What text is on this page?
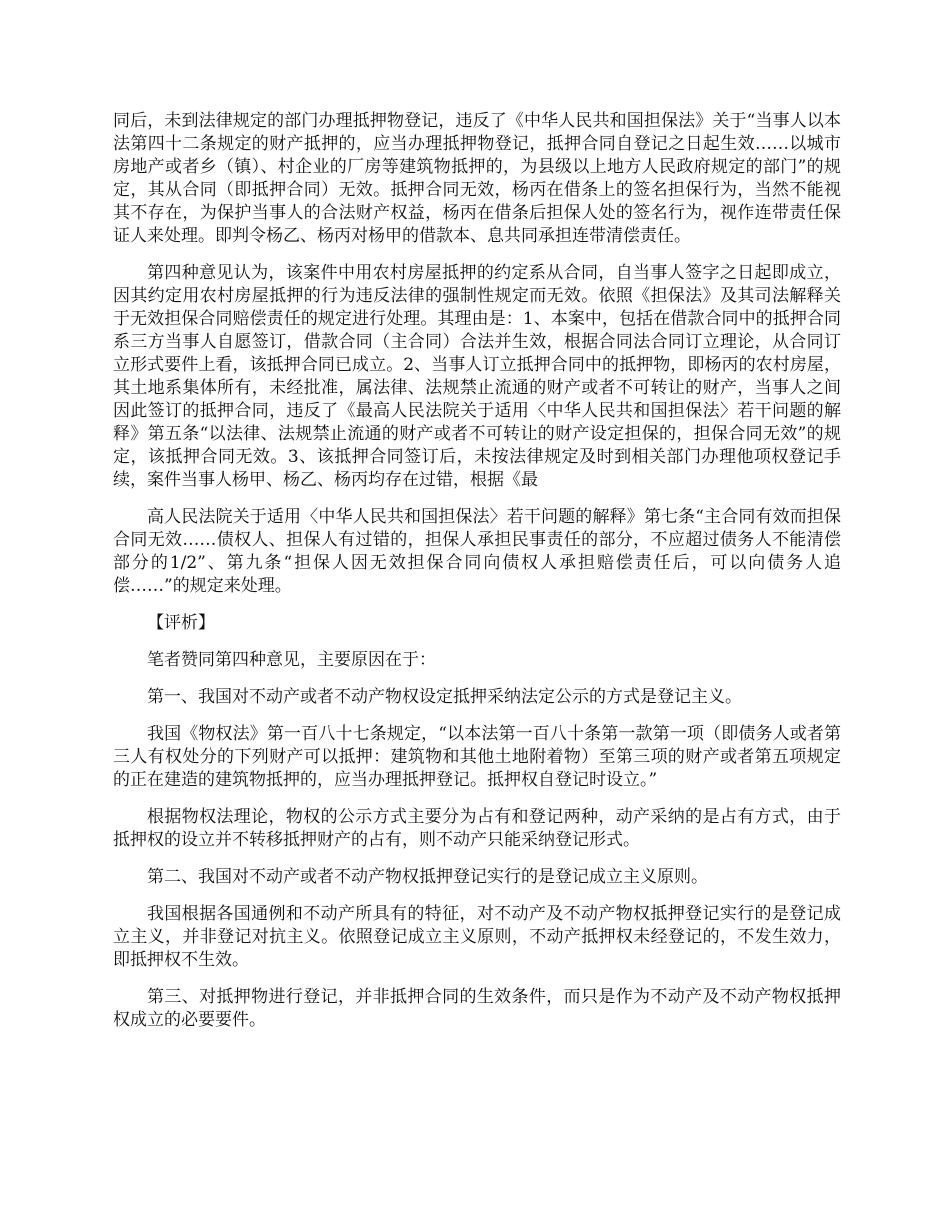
同后，未到法律规定的部门办理抵押物登记，违反了《中华人民共和国担保法》关于“当事人以本法第四十二条规定的财产抵押的，应当办理抵押物登记，抵押合同自登记之日起生效……以城市房地产或者乡（镇）、村企业的厂房等建筑物抵押的，为县级以上地方人民政府规定的部门”的规定，其从合同（即抵押合同）无效。抵押合同无效，杨丙在借条上的签名担保行为，当然不能视其不存在，为保护当事人的合法财产权益，杨丙在借条后担保人处的签名行为，视作连带责任保证人来处理。即判令杨乙、杨丙对杨甲的借款本、息共同承担连带清偿责任。

第四种意见认为，该案件中用农村房屋抵押的约定系从合同，自当事人签字之日起即成立，因其约定用农村房屋抵押的行为违反法律的强制性规定而无效。依照《担保法》及其司法解释关于无效担保合同赔偿责任的规定进行处理。其理由是：1、本案中，包括在借款合同中的抵押合同系三方当事人自愿签订，借款合同（主合同）合法并生效，根据合同法合同订立理论，从合同订立形式要件上看，该抵押合同已成立。2、当事人订立抵押合同中的抵押物，即杨丙的农村房屋，其土地系集体所有，未经批准，属法律、法规禁止流通的财产或者不可转让的财产，当事人之间因此签订的抵押合同，违反了《最高人民法院关于适用〈中华人民共和国担保法〉若干问题的解释》第五条“以法律、法规禁止流通的财产或者不可转让的财产设定担保的，担保合同无效”的规定，该抵押合同无效。3、该抵押合同签订后，未按法律规定及时到相关部门办理他项权登记手续，案件当事人杨甲、杨乙、杨丙均存在过错，根据《最

高人民法院关于适用〈中华人民共和国担保法〉若干问题的解释》第七条“主合同有效而担保合同无效……债权人、担保人有过错的，担保人承担民事责任的部分，不应超过债务人不能清偿部分的1/2”、第九条“担保人因无效担保合同向债权人承担赔偿责任后，可以向债务人追偿……”的规定来处理。

【评析】

笔者赞同第四种意见，主要原因在于：

第一、我国对不动产或者不动产物权设定抵押采纳法定公示的方式是登记主义。

我国《物权法》第一百八十七条规定，“以本法第一百八十条第一款第一项（即债务人或者第三人有权处分的下列财产可以抵押：建筑物和其他土地附着物）至第三项的财产或者第五项规定的正在建造的建筑物抵押的，应当办理抵押登记。抵押权自登记时设立。”

根据物权法理论，物权的公示方式主要分为占有和登记两种，动产采纳的是占有方式，由于抵押权的设立并不转移抵押财产的占有，则不动产只能采纳登记形式。

第二、我国对不动产或者不动产物权抵押登记实行的是登记成立主义原则。

我国根据各国通例和不动产所具有的特征，对不动产及不动产物权抵押登记实行的是登记成立主义，并非登记对抗主义。依照登记成立主义原则，不动产抵押权未经登记的，不发生效力，即抵押权不生效。

第三、对抵押物进行登记，并非抵押合同的生效条件，而只是作为不动产及不动产物权抵押权成立的必要要件。
